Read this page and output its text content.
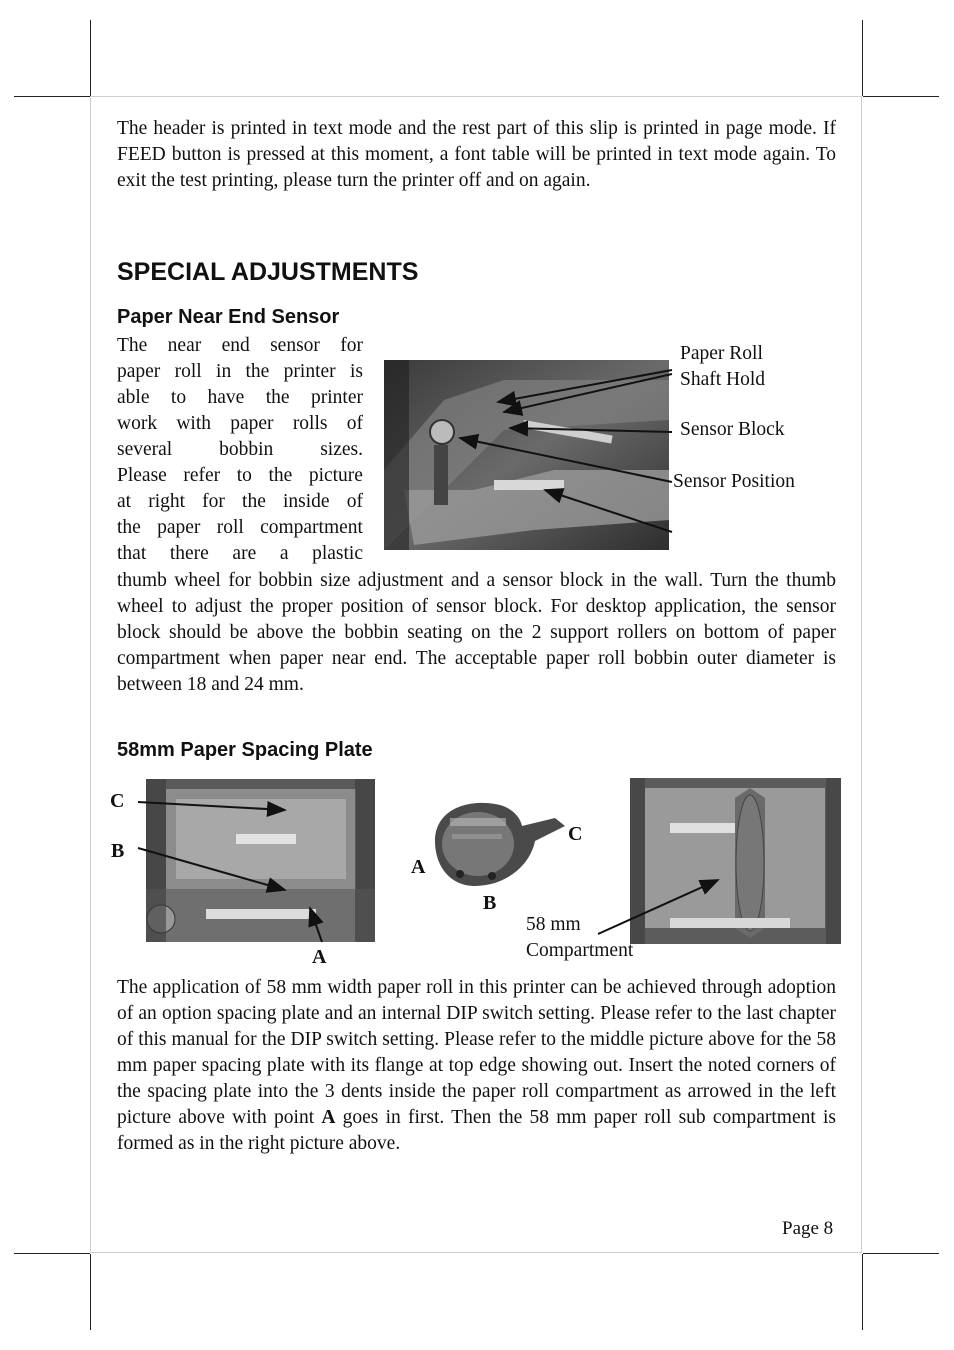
The header is printed in text mode and the rest part of this slip is printed in page mode. If FEED button is pressed at this moment, a font table will be printed in text mode again. To exit the test printing, please turn the printer off and on again.

SPECIAL ADJUSTMENTS
Paper Near End Sensor
The near end sensor for
paper roll in the printer is
able to have the printer
work with paper rolls of
several bobbin sizes.
Please refer to the picture
at right for the inside of
the paper roll compartment
that there are a plastic
Paper Roll
Shaft Hold
Sensor Block
Sensor Position

thumb wheel for bobbin size adjustment and a sensor block in the wall. Turn the thumb wheel to adjust the proper position of sensor block. For desktop application, the sensor block should be above the bobbin seating on the 2 support rollers on bottom of paper compartment when paper near end. The acceptable paper roll bobbin outer diameter is between 18 and 24 mm.

58mm Paper Spacing Plate
C
B
A
A
B
C
58 mm
Compartment

The application of 58 mm width paper roll in this printer can be achieved through adoption of an option spacing plate and an internal DIP switch setting. Please refer to the last chapter of this manual for the DIP switch setting. Please refer to the middle picture above for the 58 mm paper spacing plate with its flange at top edge showing out. Insert the noted corners of the spacing plate into the 3 dents inside the paper roll compartment as arrowed in the left picture above with point A goes in first. Then the 58 mm paper roll sub compartment is formed as in the right picture above.

Page 8
